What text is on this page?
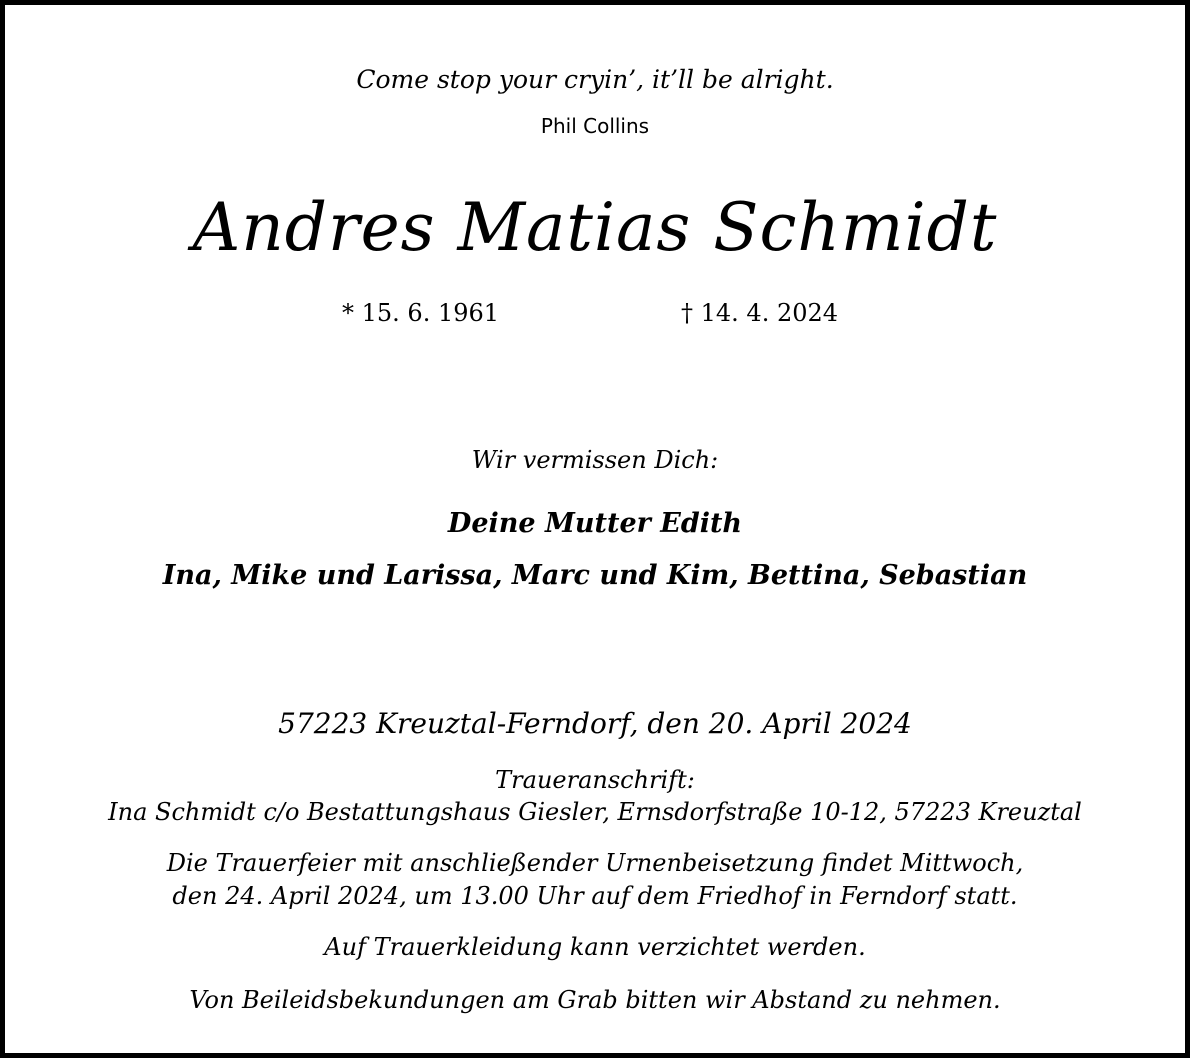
Come stop your cryin’, it’ll be alright.
Phil Collins
Andres Matias Schmidt
* 15. 6. 1961	† 14. 4. 2024
Wir vermissen Dich:
Deine Mutter Edith
Ina, Mike und Larissa, Marc und Kim, Bettina, Sebastian
57223 Kreuztal-Ferndorf, den 20. April 2024
Traueranschrift:
Ina Schmidt c/o Bestattungshaus Giesler, Ernsdorfstraße 10-12, 57223 Kreuztal
Die Trauerfeier mit anschließender Urnenbeisetzung findet Mittwoch,
den 24. April 2024, um 13.00 Uhr auf dem Friedhof in Ferndorf statt.
Auf Trauerkleidung kann verzichtet werden.
Von Beileidsbekundungen am Grab bitten wir Abstand zu nehmen.
